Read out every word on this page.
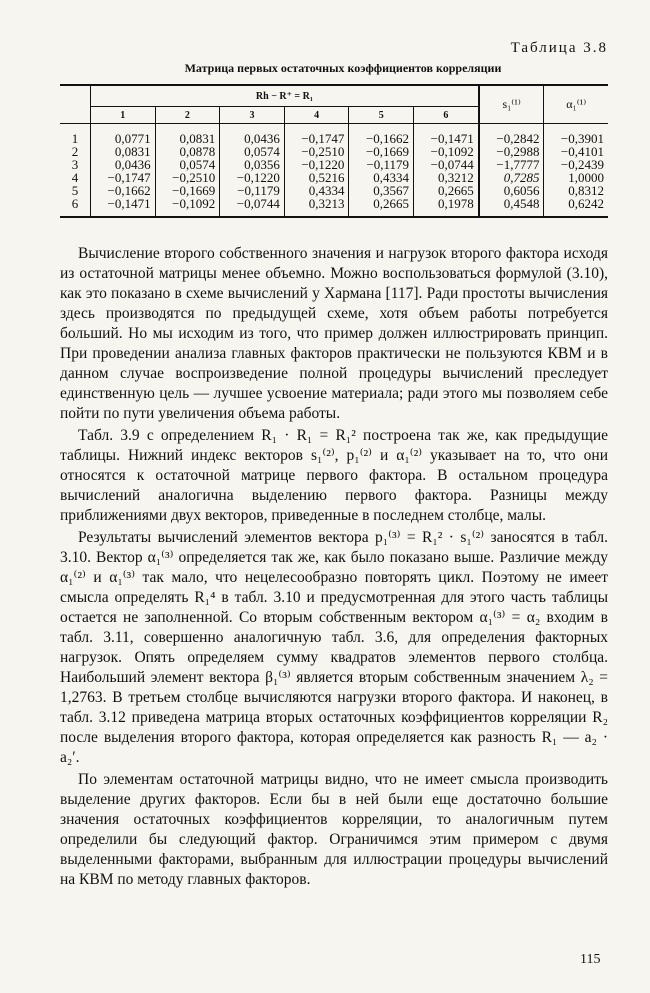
Таблица 3.8
Матрица первых остаточных коэффициентов корреляции
	Rh − R⁺ = R₁						s₁⁽¹⁾	α₁⁽¹⁾
	1	2	3	4	5	6		

1	0,0771	0,0831	0,0436	−0,1747	−0,1662	−0,1471	−0,2842	−0,3901
2	0,0831	0,0878	0,0574	−0,2510	−0,1669	−0,1092	−0,2988	−0,4101
3	0,0436	0,0574	0,0356	−0,1220	−0,1179	−0,0744	−1,7777	−0,2439
4	−0,1747	−0,2510	−0,1220	0,5216	0,4334	0,3212	0,7285	1,0000
5	−0,1662	−0,1669	−0,1179	0,4334	0,3567	0,2665	0,6056	0,8312
6	−0,1471	−0,1092	−0,0744	0,3213	0,2665	0,1978	0,4548	0,6242

Вычисление второго собственного значения и нагрузок второго фактора исходя из остаточной матрицы менее объемно. Можно воспользоваться формулой (3.10), как это показано в схеме вычислений у Хармана [117]. Ради простоты вычисления здесь производятся по предыдущей схеме, хотя объем работы потребуется больший. Но мы исходим из того, что пример должен иллюстрировать принцип. При проведении анализа главных факторов практически не пользуются КВМ и в данном случае воспроизведение полной процедуры вычислений преследует единственную цель — лучшее усвоение материала; ради этого мы позволяем себе пойти по пути увеличения объема работы.

Табл. 3.9 с определением R₁ · R₁ = R₁² построена так же, как предыдущие таблицы. Нижний индекс векторов s₁⁽²⁾, p₁⁽²⁾ и α₁⁽²⁾ указывает на то, что они относятся к остаточной матрице первого фактора. В остальном процедура вычислений аналогична выделению первого фактора. Разницы между приближениями двух векторов, приведенные в последнем столбце, малы.

Результаты вычислений элементов вектора p₁⁽³⁾ = R₁² · s₁⁽²⁾ заносятся в табл. 3.10. Вектор α₁⁽³⁾ определяется так же, как было показано выше. Различие между α₁⁽²⁾ и α₁⁽³⁾ так мало, что нецелесообразно повторять цикл. Поэтому не имеет смысла определять R₁⁴ в табл. 3.10 и предусмотренная для этого часть таблицы остается не заполненной. Со вторым собственным вектором α₁⁽³⁾ = α₂ входим в табл. 3.11, совершенно аналогичную табл. 3.6, для определения факторных нагрузок. Опять определяем сумму квадратов элементов первого столбца. Наибольший элемент вектора β₁⁽³⁾ является вторым собственным значением λ₂ = 1,2763. В третьем столбце вычисляются нагрузки второго фактора. И наконец, в табл. 3.12 приведена матрица вторых остаточных коэффициентов корреляции R₂ после выделения второго фактора, которая определяется как разность R₁ — a₂ · a₂′.

По элементам остаточной матрицы видно, что не имеет смысла производить выделение других факторов. Если бы в ней были еще достаточно большие значения остаточных коэффициентов корреляции, то аналогичным путем определили бы следующий фактор. Ограничимся этим примером с двумя выделенными факторами, выбранным для иллюстрации процедуры вычислений на КВМ по методу главных факторов.

115
